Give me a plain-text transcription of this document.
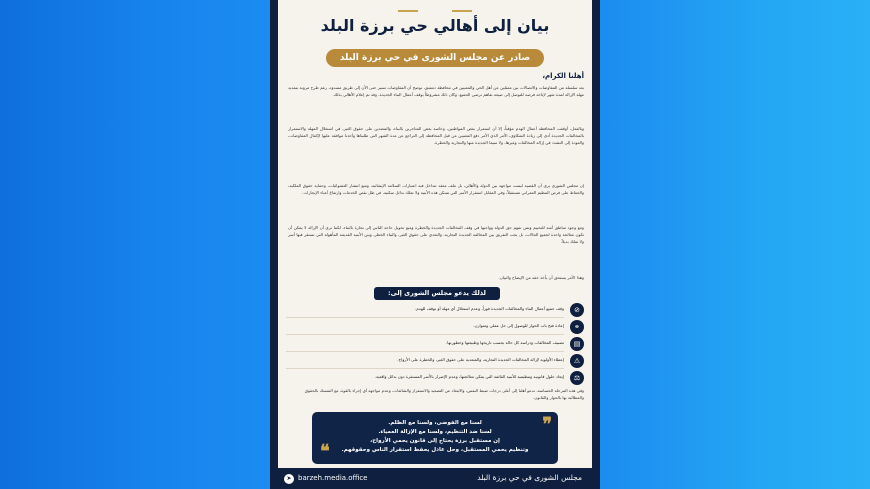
بيان إلى أهالي حي برزة البلد
صادر عن مجلس الشورى في حي برزة البلد
أهلنا الكرام،

بعد سلسلة من المفاوضات والاتصالات بين ممثلين عن أهل الحي والمعنيين في محافظة دمشق، نوضح أن المفاوضات تسير حتى الآن إلى طريق مسدود، رغم طرح مرونة بتمديد مهلة الإزالة لمدة شهر لإتاحة فرصة للتوصل إلى صيغة تفاهم ترضي الجميع، وكان ذلك مشروطاً بوقف أعمال البناء الجديدة، وقد تم إعلام الأهالي بذلك.

وبالفعل، أوقفت المحافظة أعمال الهدم مؤقتاً، إلا أن استمرار بعض المواطنين، وخاصة بعض المتاجرين بالبناء، والمعتدين على حقوق الغير، في استغلال المهلة والاستمرار بالمخالفات الجديدة أدى إلى زيادة الشكاوى، الأمر الذي الأمر دفع المعنيين من قبل المحافظة إلى التراجع عن مدة الشهر التي طلبناها وأخذنا موافقة عليها لإكمال المفاوضات، والعودة إلى التشدد في إزالة المخالفات وغيرها، ولا سيما الجديدة منها والتجارية والخطرة.

إن مجلس الشورى يرى أن القضية ليست مواجهة بين الدولة والأهالي، بل ملف معقد تتداخل فيه اعتبارات السلامة الإنشائية، ومنع انتشار العشوائيات، وحماية حقوق الملكية، والحفاظ على فرص التنظيم العمراني مستقبلاً، وفي المقابل استقرار الأسر التي تسكن هذه الأبنية ولا تملك بدائل سكنية، في ظل نقص الخدمات وارتفاع أعباء الإيجارات.

ومع وجود مناطق أمنة للتخييم وتمن تفهم حق الدولة وواجبها في وقف المخالفات الجديدة والخطرة ومنع تحويل حاجة الناس إلى تجارة بالبناء، لكننا نرى أن الإزالة لا يمكن أن تكون معالجة واحدة لجميع الحالات، بل يجب التفريق بين المخالفة الجديدة التجارية، والتعدي على حقوق الغير، والبناء الخطر، وبين الأبنية القديمة المأهولة التي تستقر فيها أسر ولا تملك بديلاً.

وهذا الأمر يستحق أن يأخذ حقه من الإيضاح والبيان.

لذلك يدعو مجلس الشورى إلى:
⊘
وقف جميع أعمال البناء والمخالفات الجديدة فوراً، وعدم استغلال أي مهلة أو توقف للهدم.
⚭
إعادة فتح باب الحوار للوصول إلى حل عملي ومتوازن.
▤
تصنيف المخالفات ودراسة كل حالة بحسب تاريخها وطبيعتها وخطورتها.
⚠
إعطاء الأولوية لإزالة المخالفات الجديدة التجارية، والمتعدية على حقوق الغير، والخطرة على الأرواح.
⚖
إيجاد حلول قانونية وتنظيمية للأبنية القائمة التي يمكن معالجتها، وعدم الإضرار بالأسر المستقرة دون بدائل واقعية.

وفي هذه المرحلة الحساسة، ندعو أهلنا إلى أعلى درجات ضبط النفس، والابتعاد عن التصعيد والاستفزاز والشائعات، وعدم مواجهة أي إجراء بالقوة، مع التمسك بالحقوق والمطالبة بها بالحوار والقانون.

❞
❝
لسنا مع الفوضى، ولسنا مع الظلم.
لسنا ضد التنظيم، ولسنا مع الإزالة العمياء.
إن مستقبل برزة يحتاج إلى قانون يحمي الأرواح،
وتنظيم يحمي المستقبل، وحل عادل يحفظ استقرار الناس وحقوقهم.
➤ barzeh.media.office	مجلس الشورى في حي برزة البلد
